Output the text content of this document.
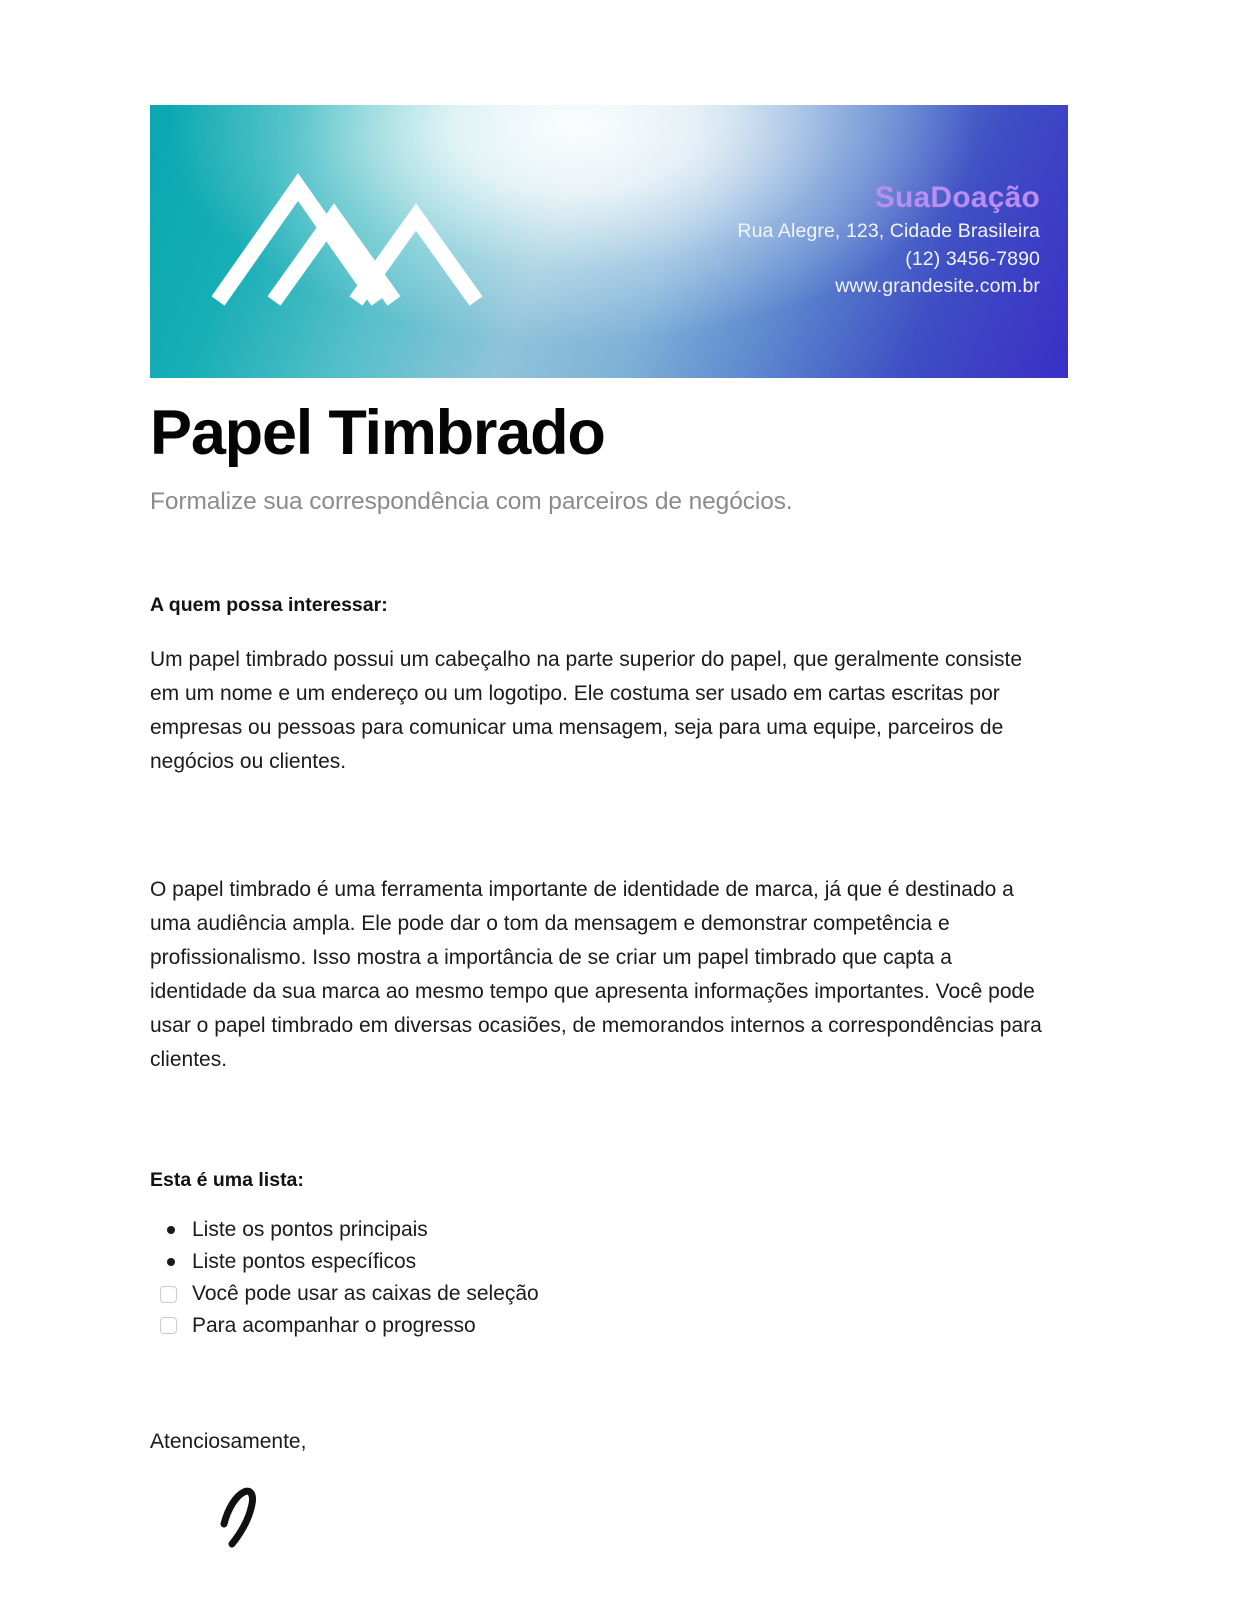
SuaDoação
Rua Alegre, 123, Cidade Brasileira
(12) 3456-7890
www.grandesite.com.br
Papel Timbrado

Formalize sua correspondência com parceiros de negócios.

A quem possa interessar:

Um papel timbrado possui um cabeçalho na parte superior do papel, que geralmente consiste em um nome e um endereço ou um logotipo. Ele costuma ser usado em cartas escritas por empresas ou pessoas para comunicar uma mensagem, seja para uma equipe, parceiros de negócios ou clientes.

O papel timbrado é uma ferramenta importante de identidade de marca, já que é destinado a uma audiência ampla. Ele pode dar o tom da mensagem e demonstrar competência e profissionalismo. Isso mostra a importância de se criar um papel timbrado que capta a identidade da sua marca ao mesmo tempo que apresenta informações importantes. Você pode usar o papel timbrado em diversas ocasiões, de memorandos internos a correspondências para clientes.

Esta é uma lista:

Liste os pontos principais
Liste pontos específicos
Você pode usar as caixas de seleção
Para acompanhar o progresso

Atenciosamente,
